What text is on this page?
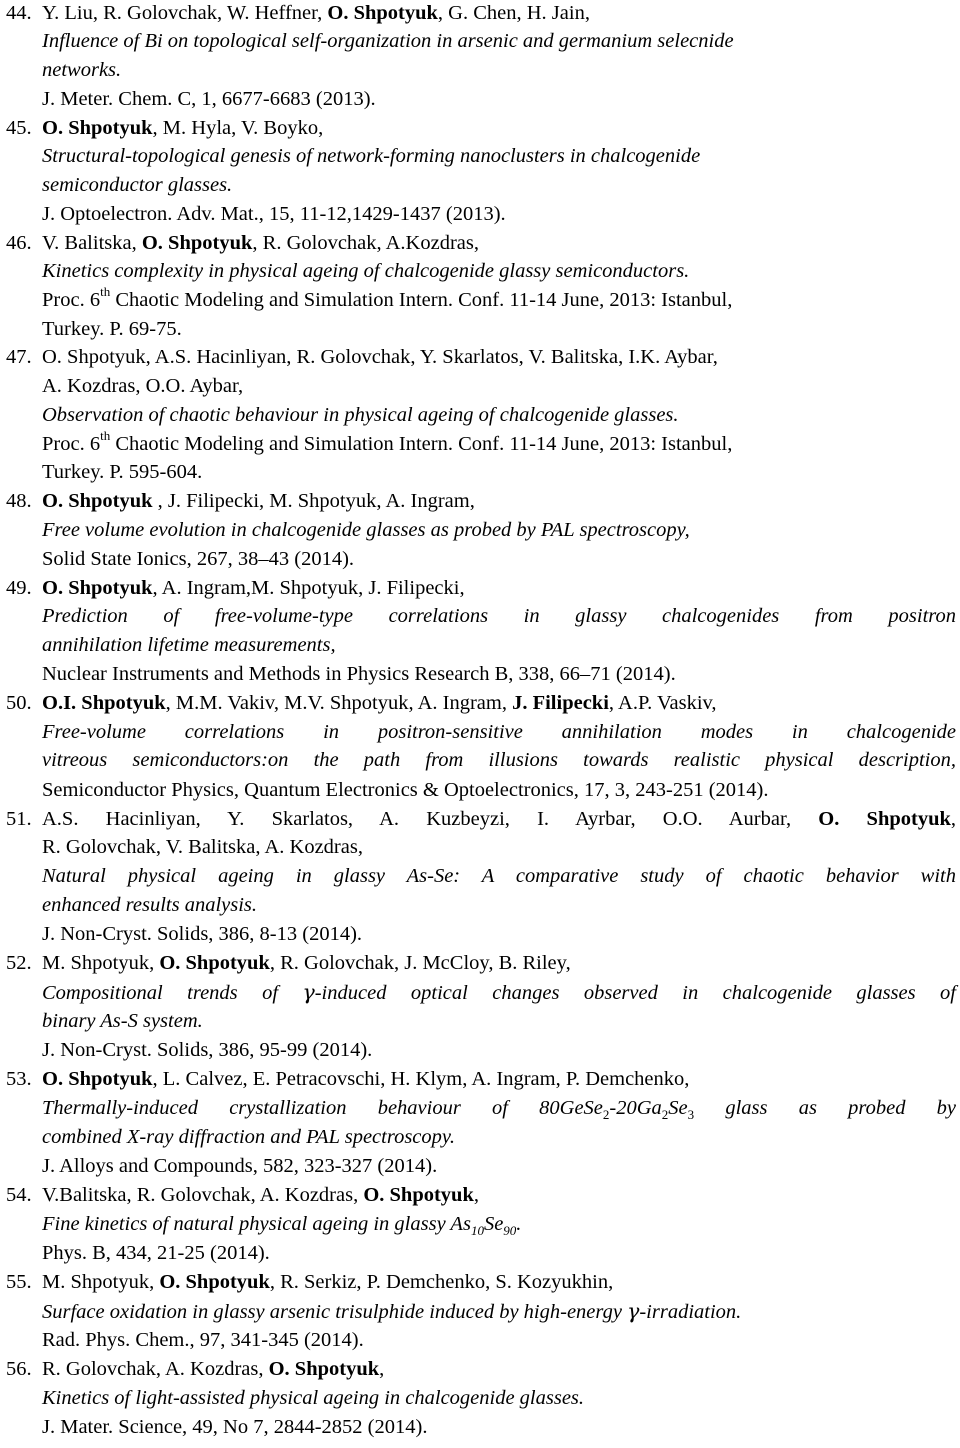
44. Y. Liu, R. Golovchak, W. Heffner, O. Shpotyuk, G. Chen, H. Jain,
Influence of Bi on topological self-organization in arsenic and germanium selecnide
networks.
J. Meter. Chem. C, 1, 6677-6683 (2013).
45. O. Shpotyuk, M. Hyla, V. Boyko,
Structural-topological genesis of network-forming nanoclusters in chalcogenide
semiconductor glasses.
J. Optoelectron. Adv. Mat., 15, 11-12,1429-1437 (2013).
46. V. Balitska, O. Shpotyuk, R. Golovchak, A.Kozdras,
Kinetics complexity in physical ageing of chalcogenide glassy semiconductors.
Proc. 6th Chaotic Modeling and Simulation Intern. Conf. 11-14 June, 2013: Istanbul,
Turkey. P. 69-75.
47. O. Shpotyuk, A.S. Hacinliyan, R. Golovchak, Y. Skarlatos, V. Balitska, I.K. Aybar,
A. Kozdras, O.O. Aybar,
Observation of chaotic behaviour in physical ageing of chalcogenide glasses.
Proc. 6th Chaotic Modeling and Simulation Intern. Conf. 11-14 June, 2013: Istanbul,
Turkey. P. 595-604.
48. O. Shpotyuk , J. Filipecki, M. Shpotyuk, A. Ingram,
Free volume evolution in chalcogenide glasses as probed by PAL spectroscopy,
Solid State Ionics, 267, 38–43 (2014).
49. O. Shpotyuk, A. Ingram,M. Shpotyuk, J. Filipecki,
Prediction of free-volume-type correlations in glassy chalcogenides from positron
annihilation lifetime measurements,
Nuclear Instruments and Methods in Physics Research B, 338, 66–71 (2014).
50. O.I. Shpotyuk, M.M. Vakiv, M.V. Shpotyuk, A. Ingram, J. Filipecki, A.P. Vaskiv,
Free-volume correlations in positron-sensitive annihilation modes in chalcogenide
vitreous semiconductors:on the path from illusions towards realistic physical description,
Semiconductor Physics, Quantum Electronics & Optoelectronics, 17, 3, 243-251 (2014).
51. A.S. Hacinliyan, Y. Skarlatos, A. Kuzbeyzi, I. Ayrbar, O.O. Aurbar, O. Shpotyuk,
R. Golovchak, V. Balitska, A. Kozdras,
Natural physical ageing in glassy As-Se: A comparative study of chaotic behavior with
enhanced results analysis.
J. Non-Cryst. Solids, 386, 8-13 (2014).
52. M. Shpotyuk, O. Shpotyuk, R. Golovchak, J. McCloy, B. Riley,
Compositional trends of γ-induced optical changes observed in chalcogenide glasses of
binary As-S system.
J. Non-Cryst. Solids, 386, 95-99 (2014).
53. O. Shpotyuk, L. Calvez, E. Petracovschi, H. Klym, A. Ingram, P. Demchenko,
Thermally-induced crystallization behaviour of $80GeSe_2-20Ga_2Se_3$ glass as probed by
combined X-ray diffraction and PAL spectroscopy.
J. Alloys and Compounds, 582, 323-327 (2014).
54. V.Balitska, R. Golovchak, A. Kozdras, O. Shpotyuk,
Fine kinetics of natural physical ageing in glassy $As_{10}Se_{90}$.
Phys. B, 434, 21-25 (2014).
55. M. Shpotyuk, O. Shpotyuk, R. Serkiz, P. Demchenko, S. Kozyukhin,
Surface oxidation in glassy arsenic trisulphide induced by high-energy γ-irradiation.
Rad. Phys. Chem., 97, 341-345 (2014).
56. R. Golovchak, A. Kozdras, O. Shpotyuk,
Kinetics of light-assisted physical ageing in chalcogenide glasses.
J. Mater. Science, 49, No 7, 2844-2852 (2014).
